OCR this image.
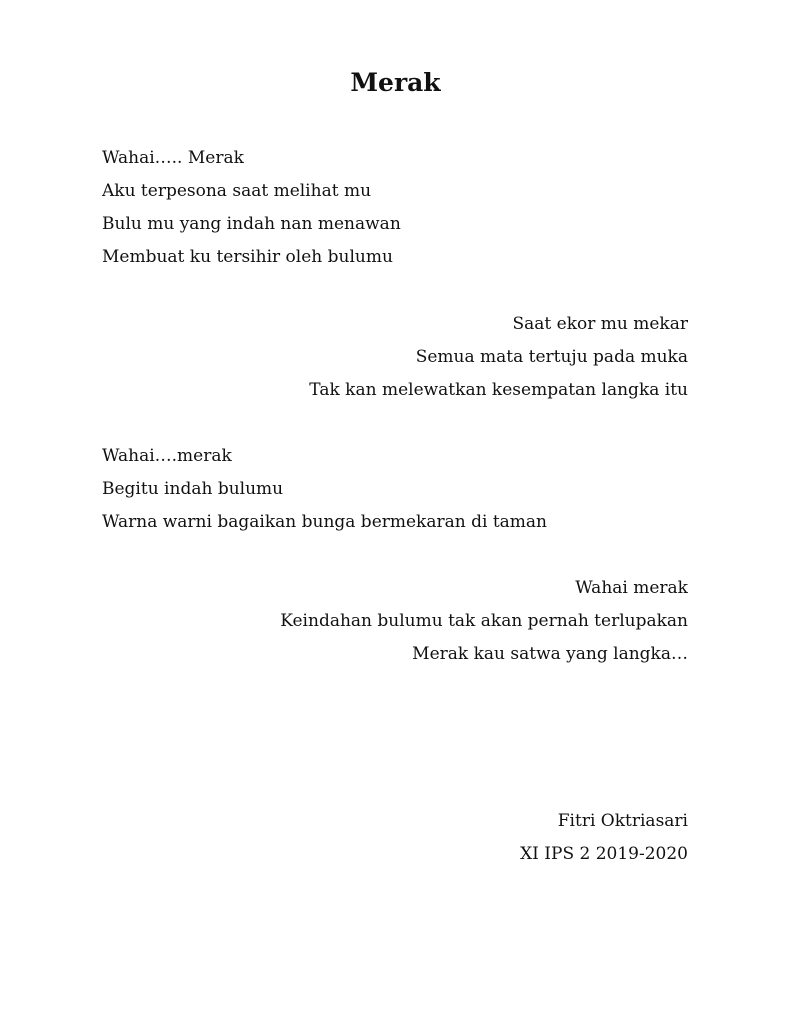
Merak
Wahai….. Merak
Aku terpesona saat melihat mu
Bulu mu yang indah nan menawan
Membuat ku tersihir oleh bulumu
Saat ekor mu mekar
Semua mata tertuju pada muka
Tak kan melewatkan kesempatan langka itu
Wahai….merak
Begitu indah bulumu
Warna warni bagaikan bunga bermekaran di taman
Wahai merak
Keindahan bulumu tak akan pernah terlupakan
Merak kau satwa yang langka…
Fitri Oktriasari
XI IPS 2 2019-2020
